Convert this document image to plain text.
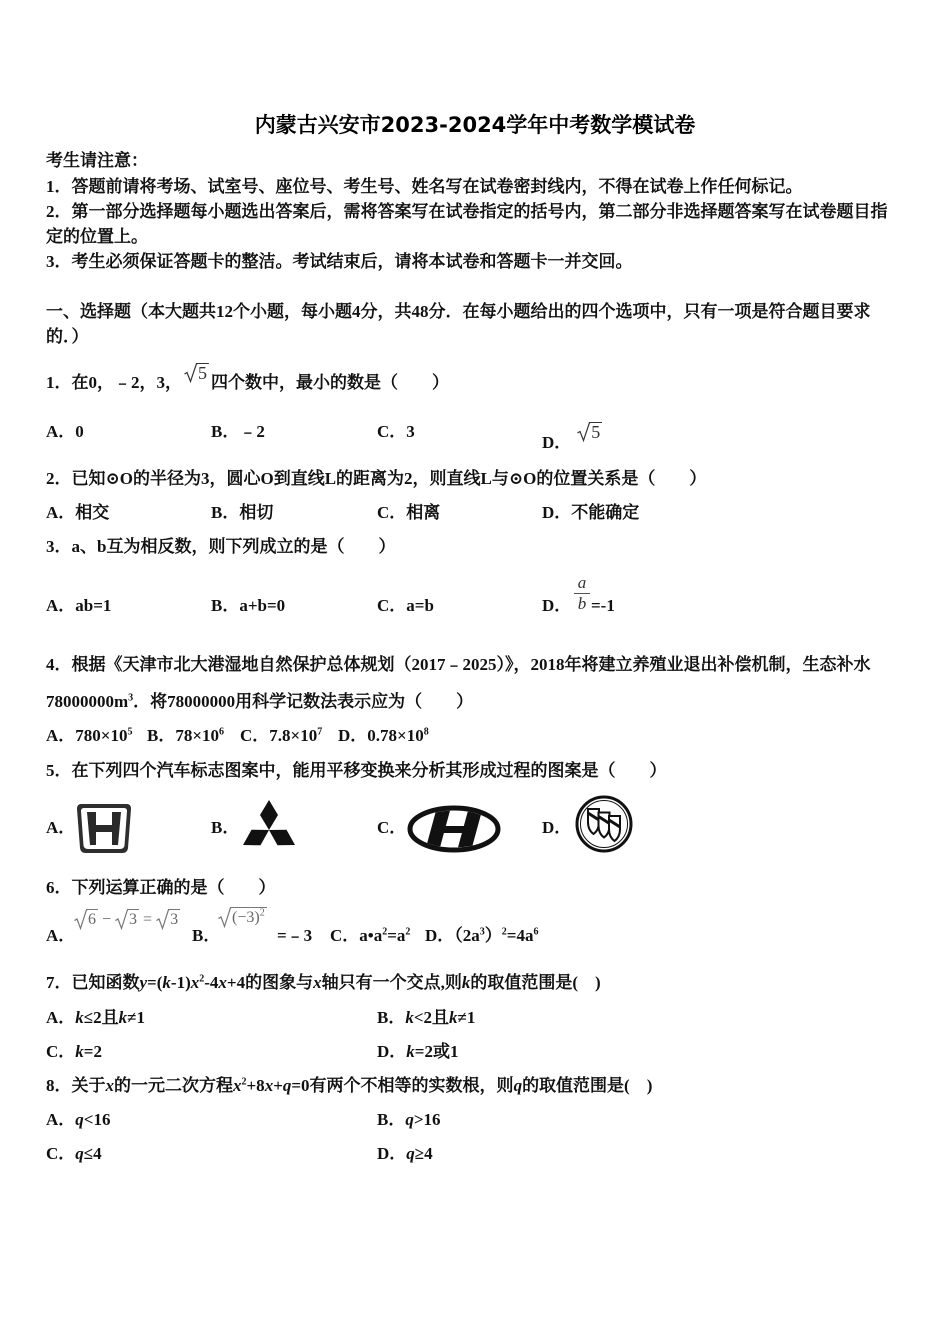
内蒙古兴安市2023-2024学年中考数学模试卷
考生请注意：
1．答题前请将考场、试室号、座位号、考生号、姓名写在试卷密封线内，不得在试卷上作任何标记。
2．第一部分选择题每小题选出答案后，需将答案写在试卷指定的括号内，第二部分非选择题答案写在试卷题目指定的位置上。
3．考生必须保证答题卡的整洁。考试结束后，请将本试卷和答题卡一并交回。
一、选择题（本大题共12个小题，每小题4分，共48分．在每小题给出的四个选项中，只有一项是符合题目要求的．）
1．在0，﹣2，3， 5 四个数中，最小的数是（　　）
A．0	B．﹣2	C．3
D．
5
2．已知⊙O的半径为3，圆心O到直线L的距离为2，则直线L与⊙O的位置关系是（　　）
A．相交	B．相切	C．相离	D．不能确定
3．a、b互为相反数，则下列成立的是（　　）
A．ab=1	B．a+b=0	C．a=b	D． $\frac{a}{b} =-1$
4．根据《天津市北大港湿地自然保护总体规划（2017﹣2025）》，2018年将建立养殖业退出补偿机制，生态补水$78000000m^3$．将78000000用科学记数法表示应为（　　）
A．$780\times 10^5$ B．$78\times 10^6$ C．$7.8\times 10^7$ D．$0.78\times 10^8$
5．在下列四个汽车标志图案中，能用平移变换来分析其形成过程的图案是（　　）
A．	B．	C．	D．
6．下列运算正确的是（　　）
A．
6 − 3 = 3
B．
$(-3)^2$
=﹣3 C．$a•a^2=a^2$ D．$(2a^3)^2=4a^6$
7．已知函数$y=(k-1)x^2-4x+4$的图象与x轴只有一个交点,则k的取值范围是(　)
A．k≤2且k≠1	B．k<2且k≠1
C．k=2	D．k=2或1
8．关于x的一元二次方程$x^2+8x+q=0$有两个不相等的实数根，则q的取值范围是(　)
A．q<16	B．q>16
C．q≤4	D．q≥4
